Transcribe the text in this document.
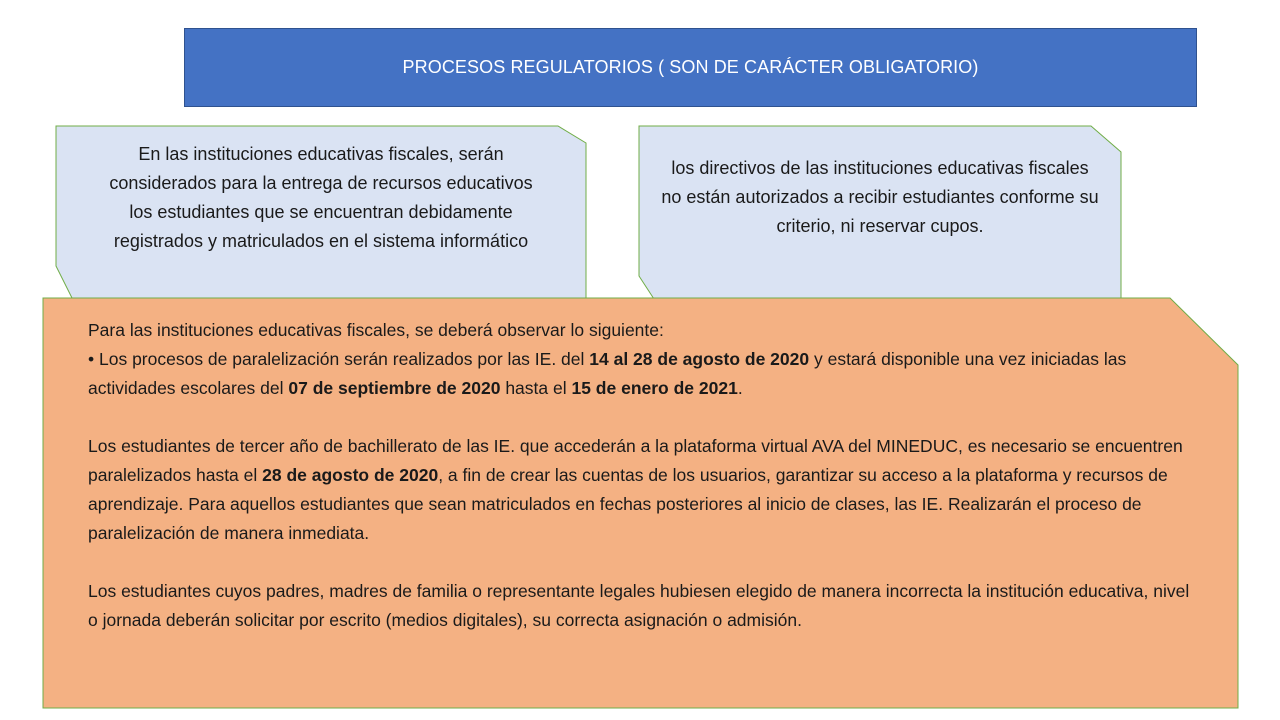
PROCESOS REGULATORIOS ( SON DE CARÁCTER OBLIGATORIO)
En las instituciones educativas fiscales, serán considerados para la entrega de recursos educativos los estudiantes que se encuentran debidamente registrados y matriculados en el sistema informático
los directivos de las instituciones educativas fiscales no están autorizados a recibir estudiantes conforme su criterio, ni reservar cupos.

Para las instituciones educativas fiscales, se deberá observar lo siguiente:

• Los procesos de paralelización serán realizados por las IE. del 14 al 28 de agosto de 2020 y estará disponible una vez iniciadas las actividades escolares del 07 de septiembre de 2020 hasta el 15 de enero de 2021.

Los estudiantes de tercer año de bachillerato de las IE. que accederán a la plataforma virtual AVA del MINEDUC, es necesario se encuentren paralelizados hasta el 28 de agosto de 2020, a fin de crear las cuentas de los usuarios, garantizar su acceso a la plataforma y recursos de aprendizaje. Para aquellos estudiantes que sean matriculados en fechas posteriores al inicio de clases, las IE. Realizarán el proceso de paralelización de manera inmediata.

Los estudiantes cuyos padres, madres de familia o representante legales hubiesen elegido de manera incorrecta la institución educativa, nivel o jornada deberán solicitar por escrito (medios digitales), su correcta asignación o admisión.
